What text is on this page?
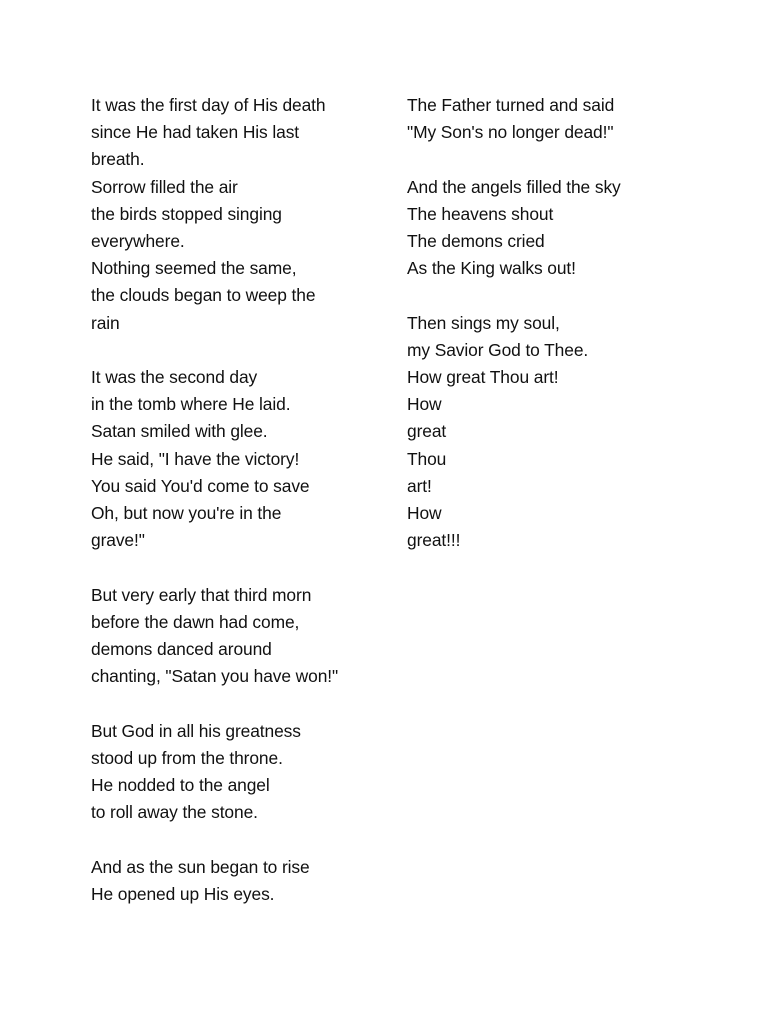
It was the first day of His death
since He had taken His last
breath.
Sorrow filled the air
the birds stopped singing
everywhere.
Nothing seemed the same,
the clouds began to weep the
rain
It was the second day
in the tomb where He laid.
Satan smiled with glee.
He said, "I have the victory!
You said You'd come to save
Oh, but now you're in the
grave!"
But very early that third morn
before the dawn had come,
demons danced around
chanting, "Satan you have won!"
But God in all his greatness
stood up from the throne.
He nodded to the angel
to roll away the stone.
And as the sun began to rise
He opened up His eyes.
The Father turned and said
"My Son's no longer dead!"
And the angels filled the sky
The heavens shout
The demons cried
As the King walks out!
Then sings my soul,
my Savior God to Thee.
How great Thou art!
How
great
Thou
art!
How
great!!!
